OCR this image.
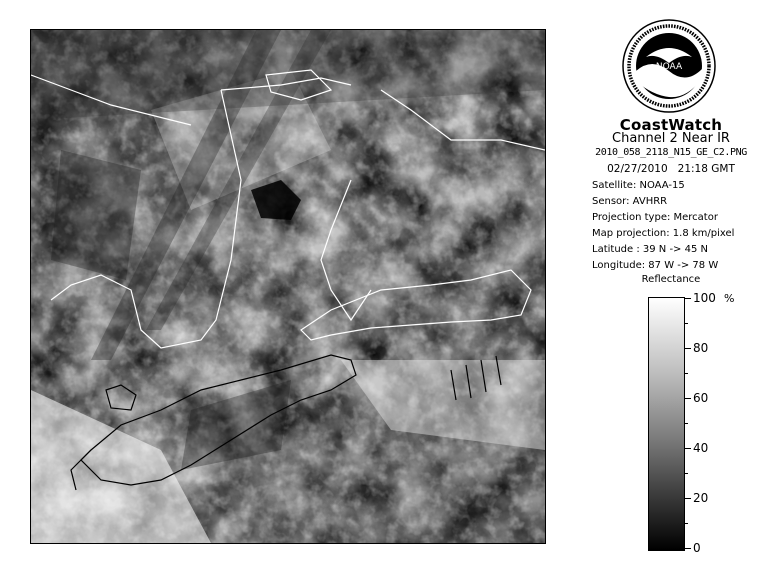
NOAA
CoastWatch
Channel 2 Near IR
2010_058_2118_N15_GE_C2.PNG
02/27/2010 21:18 GMT
Satellite: NOAA-15
Sensor: AVHRR
Projection type: Mercator
Map projection: 1.8 km/pixel
Latitude : 39 N -> 45 N
Longitude: 87 W -> 78 W
Reflectance
%
100
80
60
40
20
0
